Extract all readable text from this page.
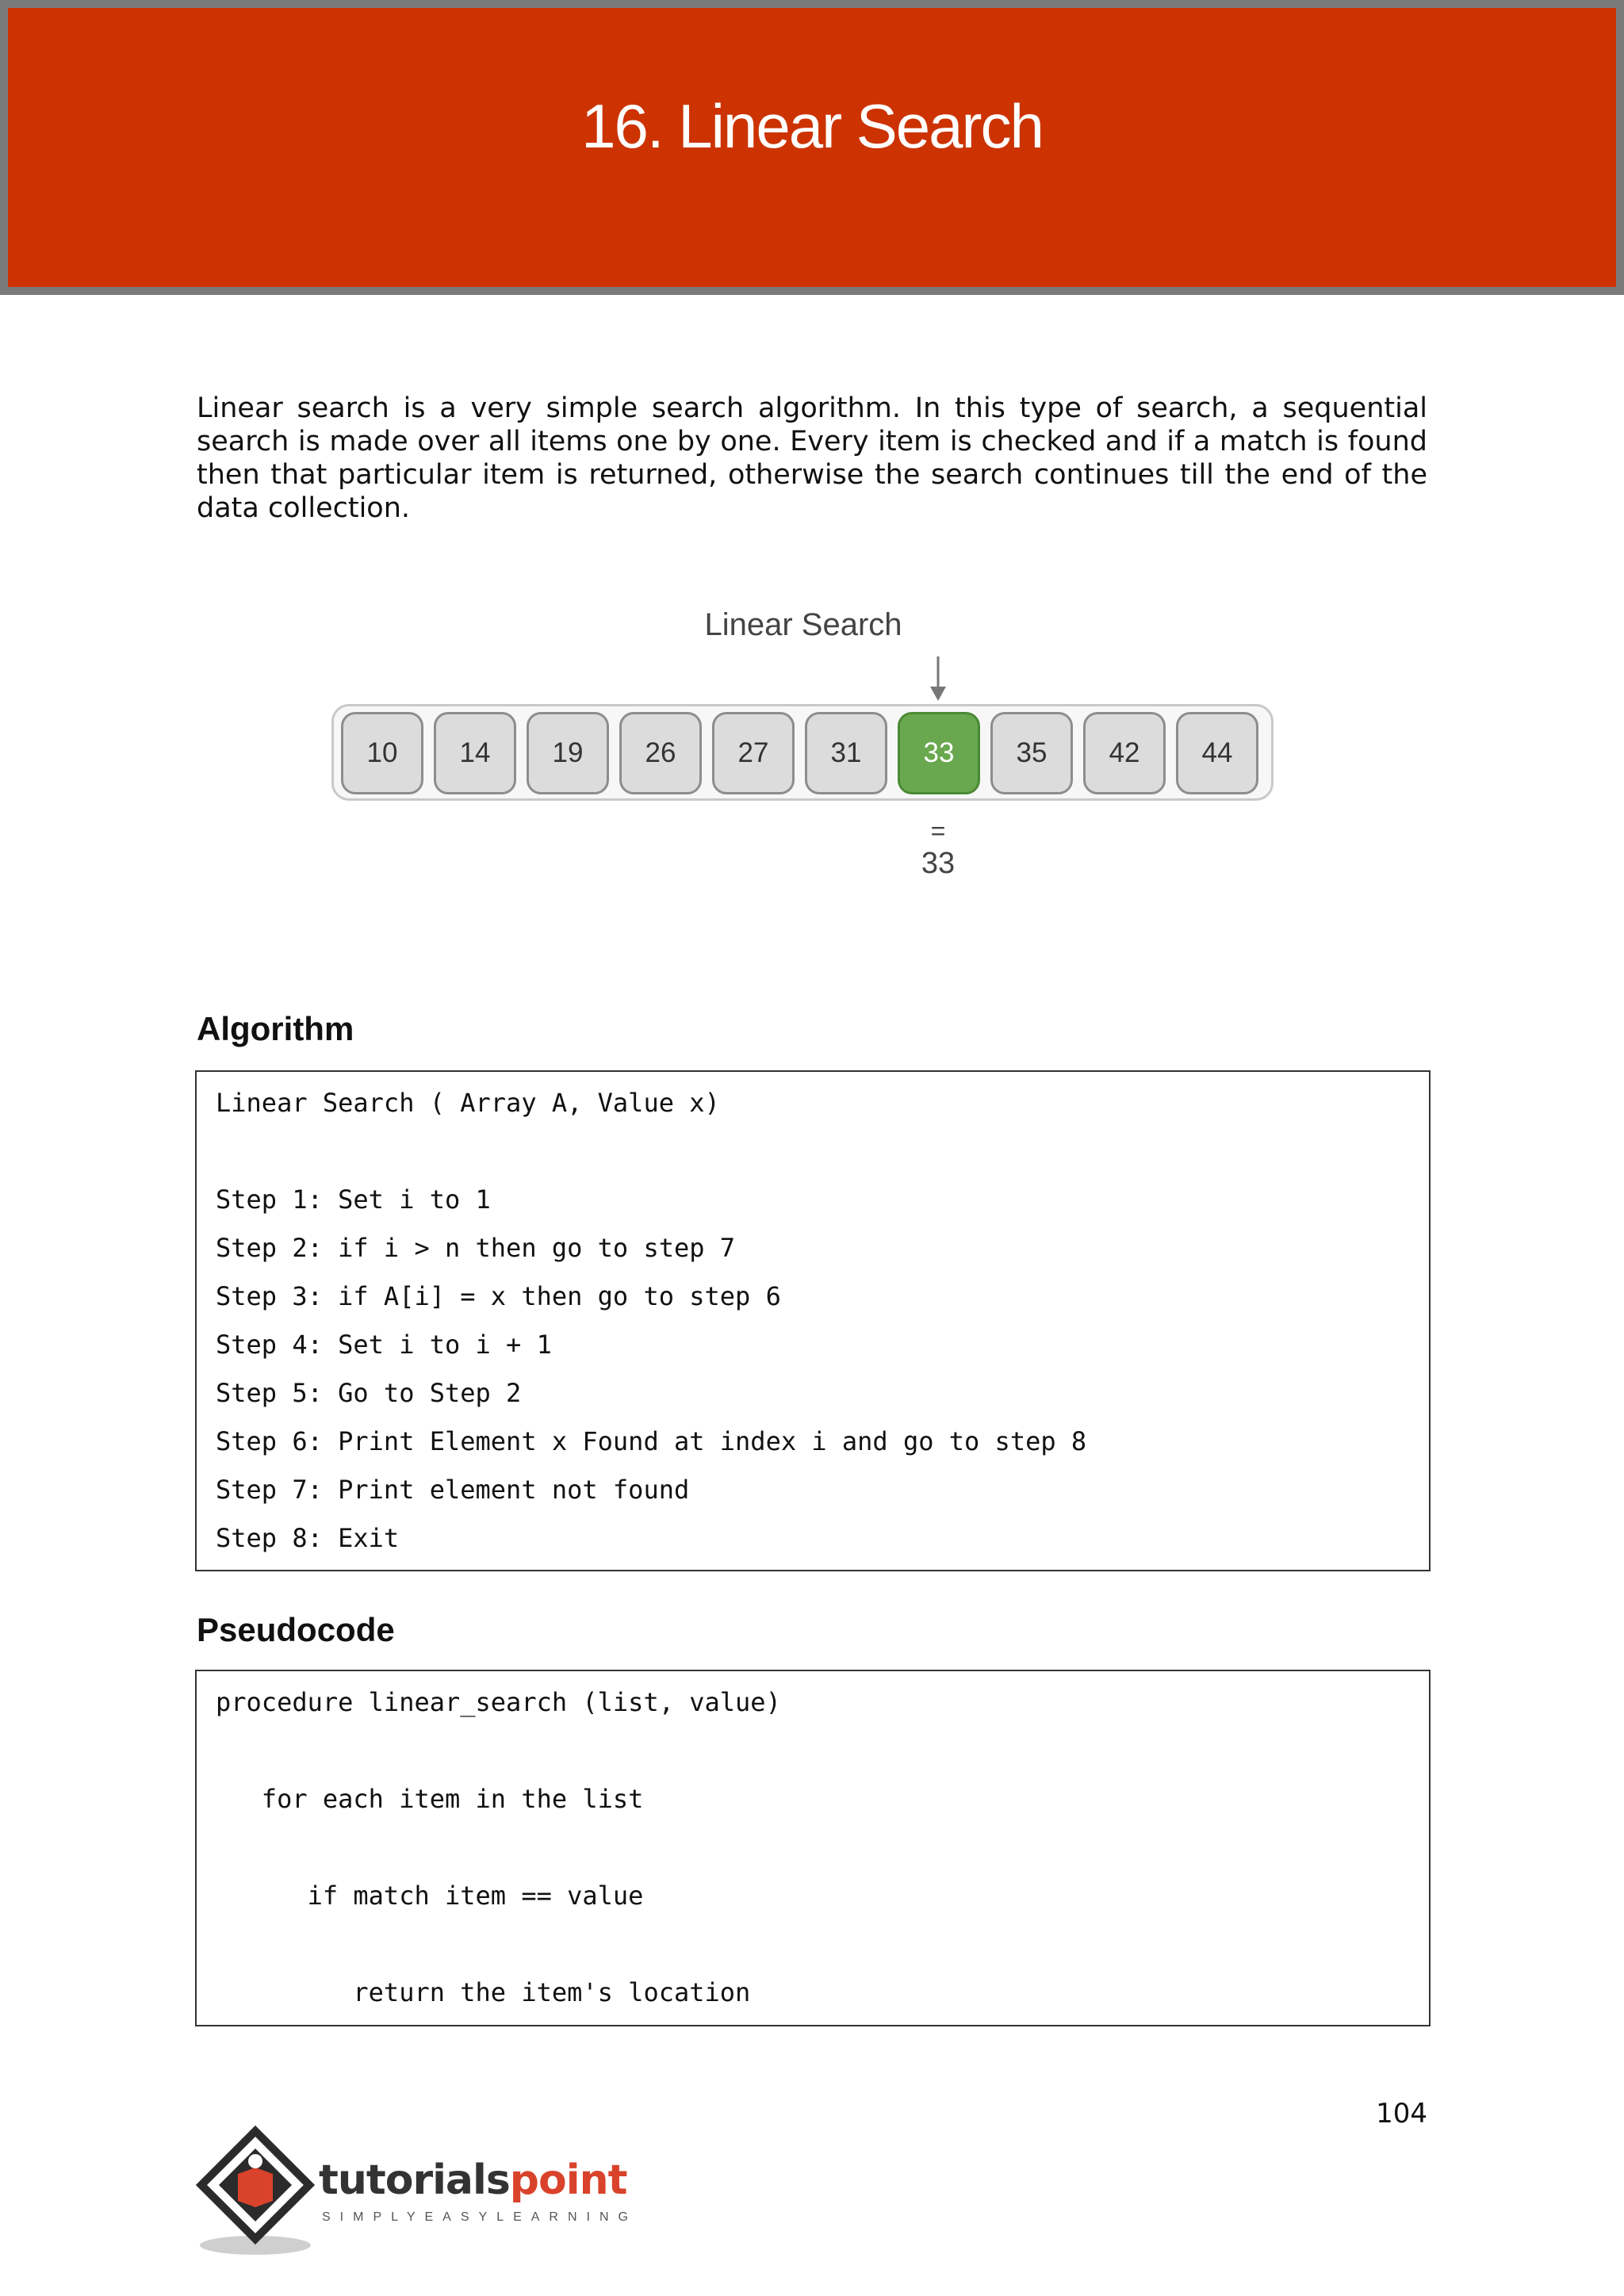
16. Linear Search

Linear search is a very simple search algorithm. In this type of search, a sequential search is made over all items one by one. Every item is checked and if a match is found then that particular item is returned, otherwise the search continues till the end of the data collection.

Linear Search
10	14	19	26	27	31	33	35	42	44
=
33
Algorithm
Linear Search ( Array A, Value x)
Step 1: Set i to 1
Step 2: if i > n then go to step 7
Step 3: if A[i] = x then go to step 6
Step 4: Set i to i + 1
Step 5: Go to Step 2
Step 6: Print Element x Found at index i and go to step 8
Step 7: Print element not found
Step 8: Exit
Pseudocode
procedure linear_search (list, value)
for each item in the list
if match item == value
return the item's location
104
tutorialspoint
SIMPLYEASYLEARNING
